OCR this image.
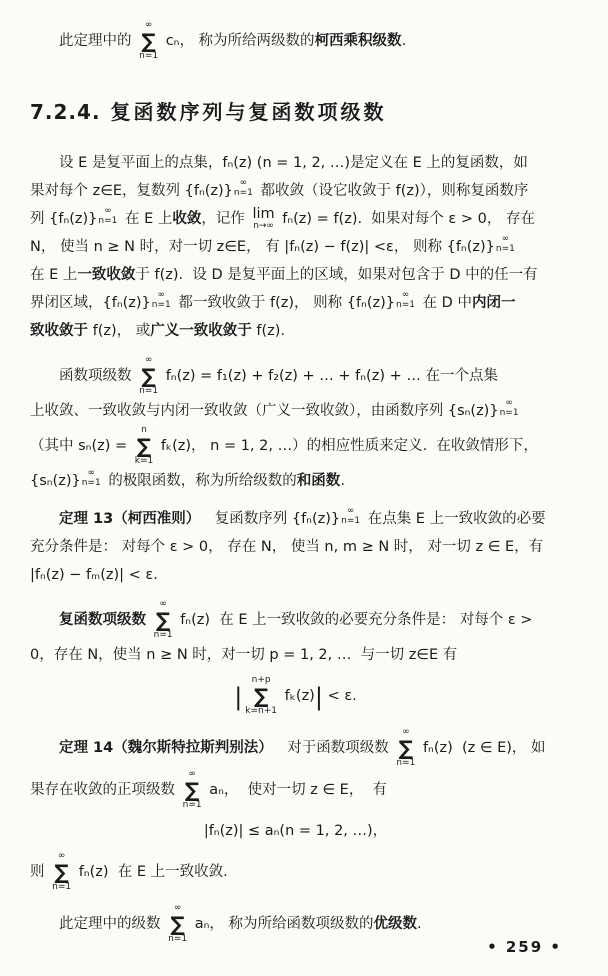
此定理中的
∞
∑
n=1
cₙ， 称为所给两级数的 柯西乘积级数 .
7.2.4. 复函数序列与复函数项级数
设 E 是复平面上的点集，fₙ(z) (n = 1, 2, …)是定义在 E 上的复函数，如
果对每个 z∈E，复数列 {fₙ(z)} ∞
n=1 都收敛（设它收敛于 f(z)），则称复函数序
列 {fₙ(z)} ∞
n=1 在 E 上 收敛 ，记作 lim
n→∞ fₙ(z) = f(z).  如果对每个 ε > 0， 存在
N， 使当 n ≥ N 时，对一切 z∈E， 有 |fₙ(z) − f(z)| <ε， 则称 {fₙ(z)} ∞
n=1
在 E 上 一致收敛 于 f(z).  设 D 是复平面上的区域，如果对包含于 D 中的任一有
界闭区域，{fₙ(z)} ∞
n=1 都一致收敛于 f(z)， 则称 {fₙ(z)} ∞
n=1 在 D 中 内闭一
致收敛于 f(z)， 或 广义一致收敛于 f(z).
函数项级数
∞
∑
n=1
fₙ(z) = f₁(z) + f₂(z) + … + fₙ(z) + … 在一个点集
上收敛、一致收敛与内闭一致收敛（广义一致收敛），由函数序列 {sₙ(z)} ∞
n=1
（其中 sₙ(z) =
n
∑
k=1
fₖ(z)， n = 1, 2, …）的相应性质来定义.  在收敛情形下，
{sₙ(z)} ∞
n=1 的极限函数，称为所给级数的 和函数 .
定理 13（柯西准则） 　复函数序列 {fₙ(z)} ∞
n=1 在点集 E 上一致收敛的必要
充分条件是： 对每个 ε > 0， 存在 N， 使当 n, m ≥ N 时， 对一切 z ∈ E，有
|fₙ(z) − fₘ(z)| < ε.
复函数项级数

∞
∑
n=1
fₙ(z)  在 E 上一致收敛的必要充分条件是： 对每个 ε >
0，存在 N，使当 n ≥ N 时，对一切 p = 1, 2, …  与一切 z∈E 有
|
n+p
∑
k=n+1
fₖ(z) | < ε.
定理 14（魏尔斯特拉斯判别法） 　对于函数项级数
∞
∑
n=1
fₙ(z)  (z ∈ E)， 如
果存在收敛的正项级数
∞
∑
n=1
aₙ，  使对一切 z ∈ E，  有
|fₙ(z)| ≤ aₙ(n = 1, 2, …)，
则
∞
∑
n=1
fₙ(z)  在 E 上一致收敛.
此定理中的级数
∞
∑
n=1
aₙ， 称为所给函数项级数的 优级数 .
• 259 •
